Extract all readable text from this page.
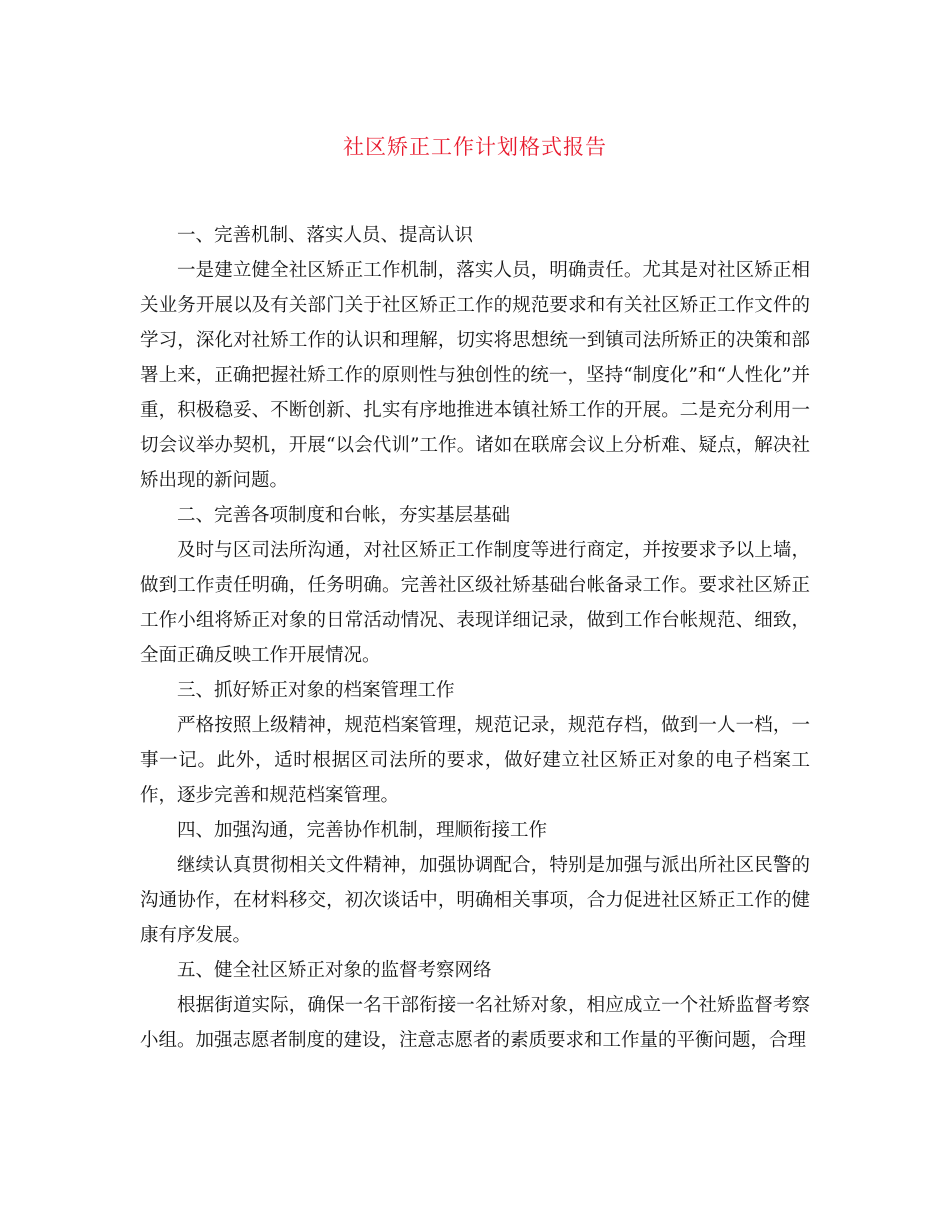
社区矫正工作计划格式报告

一、完善机制、落实人员、提高认识

一是建立健全社区矫正工作机制，落实人员，明确责任。尤其是对社区矫正相关业务开展以及有关部门关于社区矫正工作的规范要求和有关社区矫正工作文件的学习，深化对社矫工作的认识和理解，切实将思想统一到镇司法所矫正的决策和部署上来，正确把握社矫工作的原则性与独创性的统一，坚持“制度化”和“人性化”并重，积极稳妥、不断创新、扎实有序地推进本镇社矫工作的开展。二是充分利用一切会议举办契机，开展“以会代训”工作。诸如在联席会议上分析难、疑点，解决社矫出现的新问题。

二、完善各项制度和台帐，夯实基层基础

及时与区司法所沟通，对社区矫正工作制度等进行商定，并按要求予以上墙，做到工作责任明确，任务明确。完善社区级社矫基础台帐备录工作。要求社区矫正工作小组将矫正对象的日常活动情况、表现详细记录，做到工作台帐规范、细致，全面正确反映工作开展情况。

三、抓好矫正对象的档案管理工作

严格按照上级精神，规范档案管理，规范记录，规范存档，做到一人一档，一事一记。此外，适时根据区司法所的要求，做好建立社区矫正对象的电子档案工作，逐步完善和规范档案管理。

四、加强沟通，完善协作机制，理顺衔接工作

继续认真贯彻相关文件精神，加强协调配合，特别是加强与派出所社区民警的沟通协作，在材料移交，初次谈话中，明确相关事项，合力促进社区矫正工作的健康有序发展。

五、健全社区矫正对象的监督考察网络

根据街道实际，确保一名干部衔接一名社矫对象，相应成立一个社矫监督考察小组。加强志愿者制度的建设，注意志愿者的素质要求和工作量的平衡问题，合理
